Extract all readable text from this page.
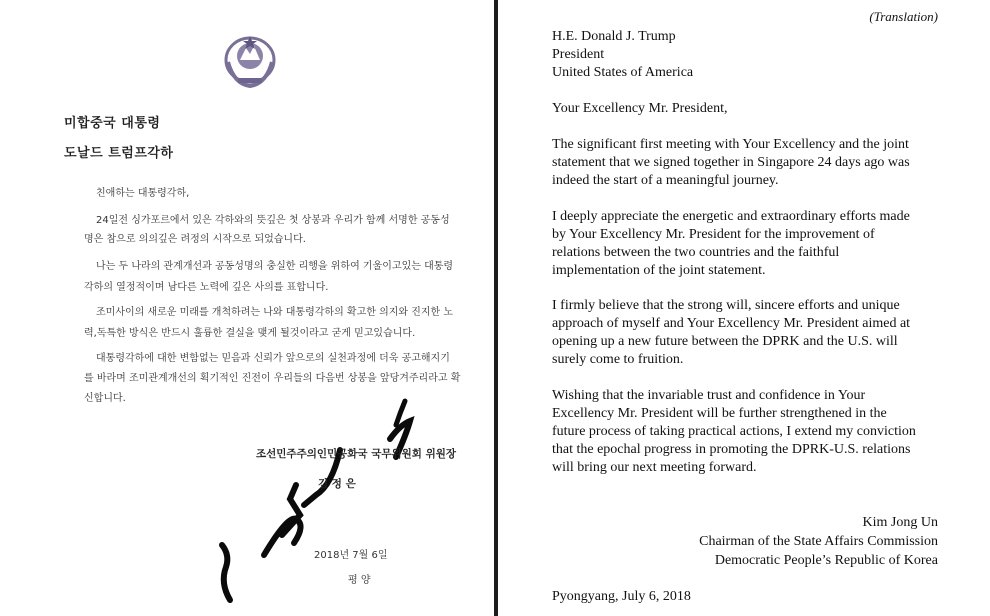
미합중국 대통령
도날드 트럼프각하
친애하는 대통령각하,
24일전 싱가포르에서 있은 각하와의 뜻깊은 첫 상봉과 우리가 함께 서명한 공동성
명은 참으로 의의깊은 려정의 시작으로 되었습니다.
나는 두 나라의 관계개선과 공동성명의 충실한 리행을 위하여 기울이고있는 대통령
각하의 열정적이며 남다른 노력에 깊은 사의를 표합니다.
조미사이의 새로운 미래를 개척하려는 나와 대통령각하의 확고한 의지와 진지한 노
력,독특한 방식은 반드시 훌륭한 결실을 맺게 될것이라고 굳게 믿고있습니다.
대통령각하에 대한 변함없는 믿음과 신뢰가 앞으로의 실천과정에 더욱 공고해지기
를 바라며 조미관계개선의 획기적인 진전이 우리들의 다음번 상봉을 앞당겨주리라고 확
신합니다.
조선민주주의인민공화국 국무위원회 위원장
김 정 은
2018년 7월 6일
평 양
(Translation)
H.E. Donald J. Trump
President
United States of America
Your Excellency Mr. President,
The significant first meeting with Your Excellency and the joint
statement that we signed together in Singapore 24 days ago was
indeed the start of a meaningful journey.
I deeply appreciate the energetic and extraordinary efforts made
by Your Excellency Mr. President for the improvement of
relations between the two countries and the faithful
implementation of the joint statement.
I firmly believe that the strong will, sincere efforts and unique
approach of myself and Your Excellency Mr. President aimed at
opening up a new future between the DPRK and the U.S. will
surely come to fruition.
Wishing that the invariable trust and confidence in Your
Excellency Mr. President will be further strengthened in the
future process of taking practical actions, I extend my conviction
that the epochal progress in promoting the DPRK-U.S. relations
will bring our next meeting forward.
Kim Jong Un
Chairman of the State Affairs Commission
Democratic People’s Republic of Korea
Pyongyang, July 6, 2018
